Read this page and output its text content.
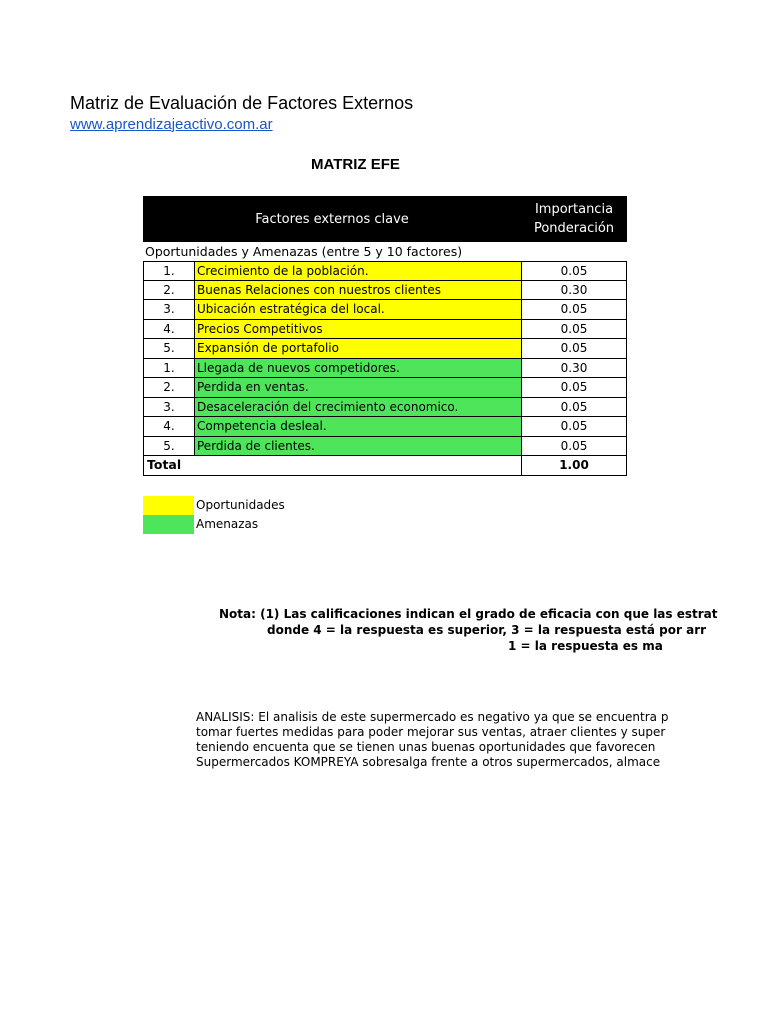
Matriz de Evaluación de Factores Externos
www.aprendizajeactivo.com.ar
MATRIZ EFE
Factores externos clave
Importancia
Ponderación
Oportunidades y Amenazas (entre 5 y 10 factores)
1.	Crecimiento de la población.	0.05
2.	Buenas Relaciones con nuestros clientes	0.30
3.	Ubicación estratégica del local.	0.05
4.	Precios Competitivos	0.05
5.	Expansión de portafolio	0.05
1.	Llegada de nuevos competidores.	0.30
2.	Perdida en ventas.	0.05
3.	Desaceleración del crecimiento economico.	0.05
4.	Competencia desleal.	0.05
5.	Perdida de clientes.	0.05
Total	1.00
Oportunidades
Amenazas
Nota: (1) Las calificaciones indican el grado de eficacia con que las estrat
donde 4 = la respuesta es superior, 3 = la respuesta está por arr
1 = la respuesta es ma
ANALISIS: El analisis de este supermercado es negativo ya que se encuentra p
tomar fuertes medidas para poder mejorar sus ventas, atraer clientes y super
teniendo encuenta que se tienen unas buenas oportunidades que favorecen
Supermercados KOMPREYA sobresalga frente a otros supermercados, almace
